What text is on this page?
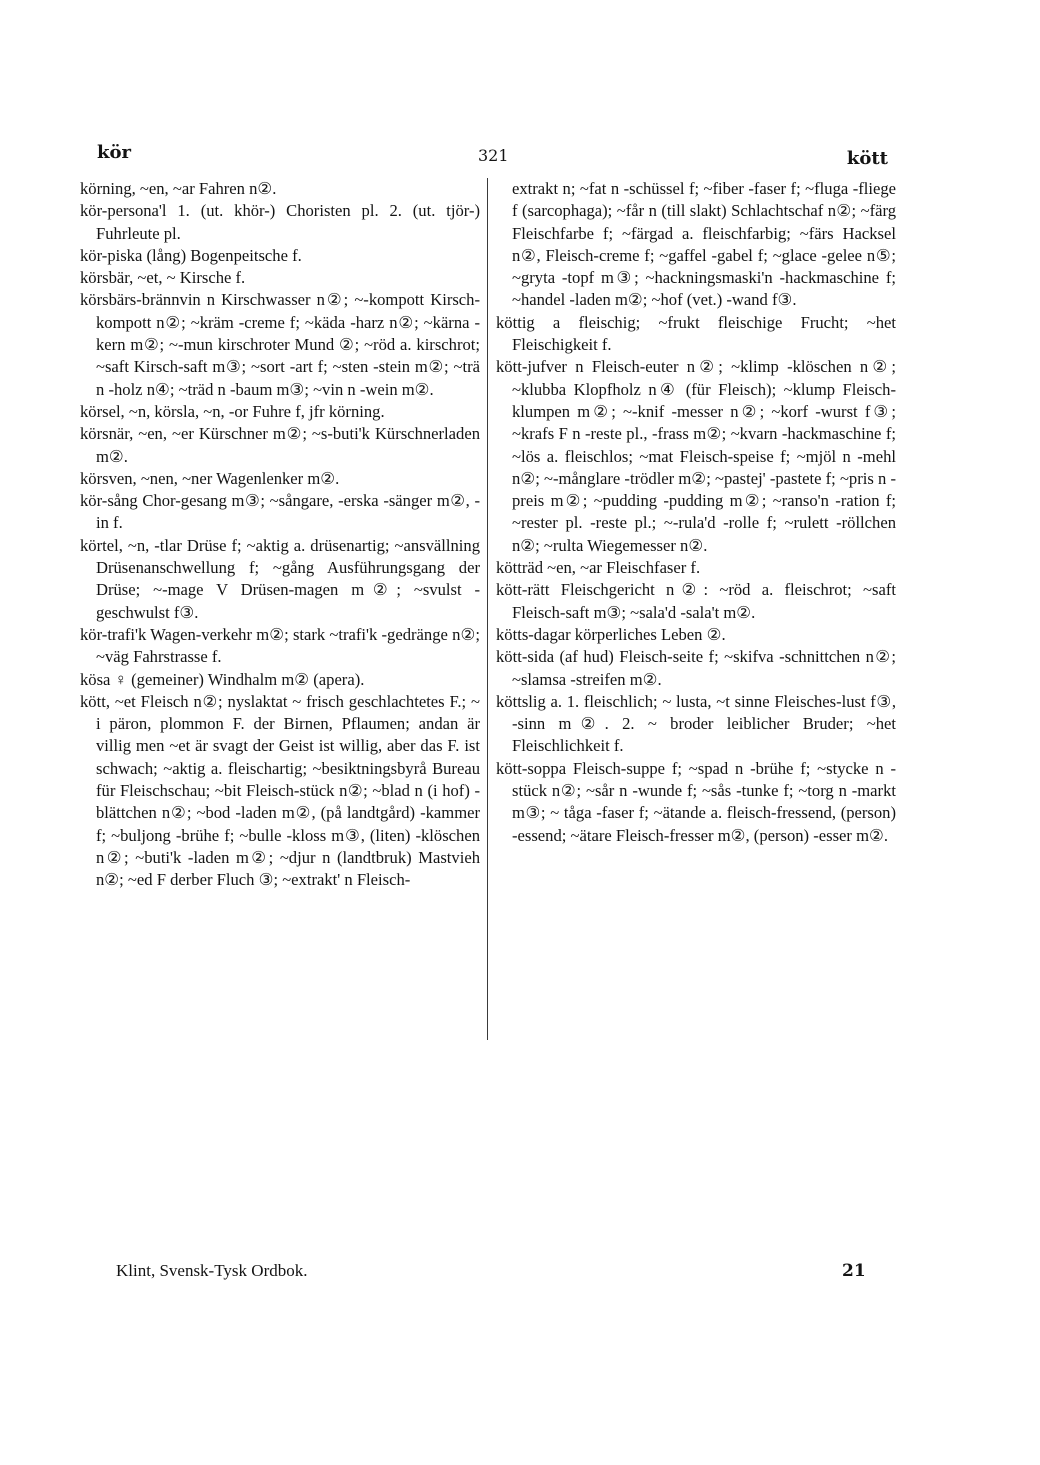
kör	321	kött

körning, ~en, ~ar Fahren n②.

kör-persona'l 1. (ut. khör-) Choristen pl. 2. (ut. tjör-) Fuhrleute pl.

kör-piska (lång) Bogenpeitsche f.

körsbär, ~et, ~ Kirsche f.

körsbärs-brännvin n Kirschwasser n②; ~-kompott Kirsch-kompott n②; ~kräm -creme f; ~käda -harz n②; ~kärna -kern m②; ~-mun kirschroter Mund ②; ~röd a. kirschrot; ~saft Kirsch-saft m③; ~sort -art f; ~sten -stein m②; ~trä n -holz n④; ~träd n -baum m③; ~vin n -wein m②.

körsel, ~n, körsla, ~n, -or Fuhre f, jfr körning.

körsnär, ~en, ~er Kürschner m②; ~s-buti'k Kürschnerladen m②.

körsven, ~nen, ~ner Wagenlenker m②.

kör-sång Chor-gesang m③; ~sångare, -erska -sänger m②, -in f.

körtel, ~n, -tlar Drüse f; ~aktig a. drüsenartig; ~ansvällning Drüsenanschwellung f; ~gång Ausführungsgang der Drüse; ~-mage V Drüsen-magen m②; ~svulst -geschwulst f③.

kör-trafi'k Wagen-verkehr m②; stark ~trafi'k -gedränge n②; ~väg Fahrstrasse f.

kösa ♀ (gemeiner) Windhalm m② (apera).

kött, ~et Fleisch n②; nyslaktat ~ frisch geschlachtetes F.; ~ i päron, plommon F. der Birnen, Pflaumen; andan är villig men ~et är svagt der Geist ist willig, aber das F. ist schwach; ~aktig a. fleischartig; ~besiktningsbyrå Bureau für Fleischschau; ~bit Fleisch-stück n②; ~blad n (i hof) -blättchen n②; ~bod -laden m②, (på landtgård) -kammer f; ~buljong -brühe f; ~bulle -kloss m③, (liten) -klöschen n②; ~buti'k -laden m②; ~djur n (landtbruk) Mastvieh n②; ~ed F derber Fluch ③; ~extrakt' n Fleisch-

extrakt n; ~fat n -schüssel f; ~fiber -faser f; ~fluga -fliege f (sarcophaga); ~får n (till slakt) Schlachtschaf n②; ~färg Fleischfarbe f; ~färgad a. fleischfarbig; ~färs Hacksel n②, Fleisch-creme f; ~gaffel -gabel f; ~glace -gelee n⑤; ~gryta -topf m③; ~hackningsmaski'n -hackmaschine f; ~handel -laden m②; ~hof (vet.) -wand f③.

köttig a fleischig; ~frukt fleischige Frucht; ~het Fleischigkeit f.

kött-jufver n Fleisch-euter n②; ~klimp -klöschen n②; ~klubba Klopfholz n④ (für Fleisch); ~klump Fleisch-klumpen m②; ~-knif -messer n②; ~korf -wurst f③; ~krafs F n -reste pl., -frass m②; ~kvarn -hackmaschine f; ~lös a. fleischlos; ~mat Fleisch-speise f; ~mjöl n -mehl n②; ~-månglare -trödler m②; ~pastej' -pastete f; ~pris n -preis m②; ~pudding -pudding m②; ~ranso'n -ration f; ~rester pl. -reste pl.; ~-rula'd -rolle f; ~rulett -röllchen n②; ~rulta Wiegemesser n②.

kötträd ~en, ~ar Fleischfaser f.

kött-rätt Fleischgericht n②: ~röd a. fleischrot; ~saft Fleisch-saft m③; ~sala'd -sala't m②.

kötts-dagar körperliches Leben ②.

kött-sida (af hud) Fleisch-seite f; ~skifva -schnittchen n②; ~slamsa -streifen m②.

köttslig a. 1. fleischlich; ~ lusta, ~t sinne Fleisches-lust f③, -sinn m②. 2. ~ broder leiblicher Bruder; ~het Fleischlichkeit f.

kött-soppa Fleisch-suppe f; ~spad n -brühe f; ~stycke n -stück n②; ~sår n -wunde f; ~sås -tunke f; ~torg n -markt m③; ~ tåga -faser f; ~ätande a. fleisch-fressend, (person) -essend; ~ätare Fleisch-fresser m②, (person) -esser m②.

Klint, Svensk-Tysk Ordbok.	21
